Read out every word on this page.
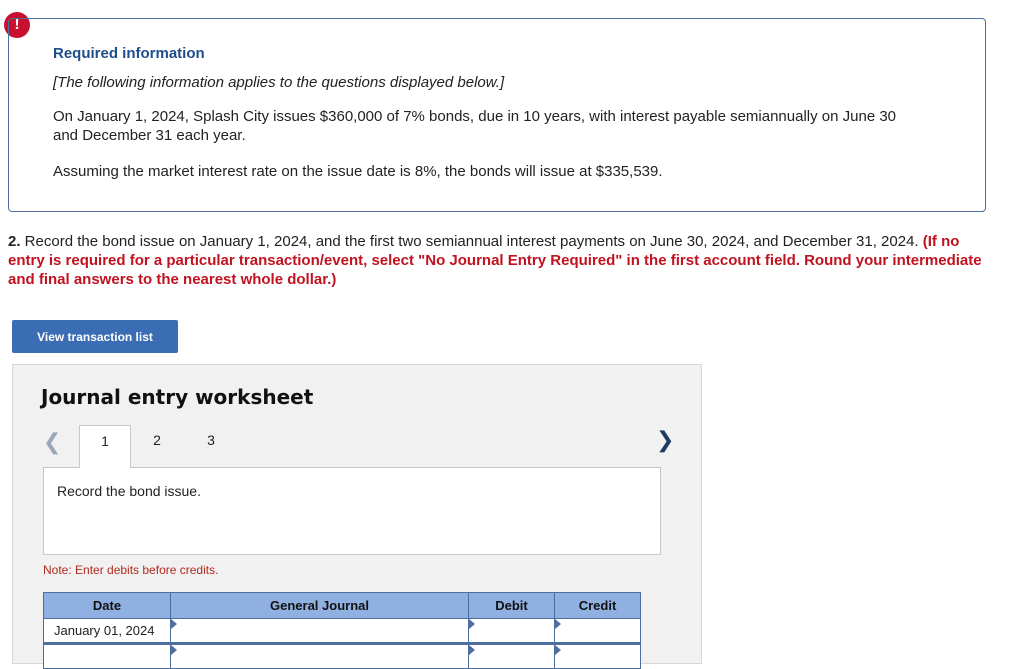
!

Required information

[The following information applies to the questions displayed below.]

On January 1, 2024, Splash City issues $360,000 of 7% bonds, due in 10 years, with interest payable semiannually on June 30 and December 31 each year.

Assuming the market interest rate on the issue date is 8%, the bonds will issue at $335,539.

2. Record the bond issue on January 1, 2024, and the first two semiannual interest payments on June 30, 2024, and December 31, 2024. (If no entry is required for a particular transaction/event, select "No Journal Entry Required" in the first account field. Round your intermediate and final answers to the nearest whole dollar.)
View transaction list
Journal entry worksheet
❮	1	2	3	❯
Record the bond issue.
Note: Enter debits before credits.
Date	General Journal	Debit	Credit
January 01, 2024	
